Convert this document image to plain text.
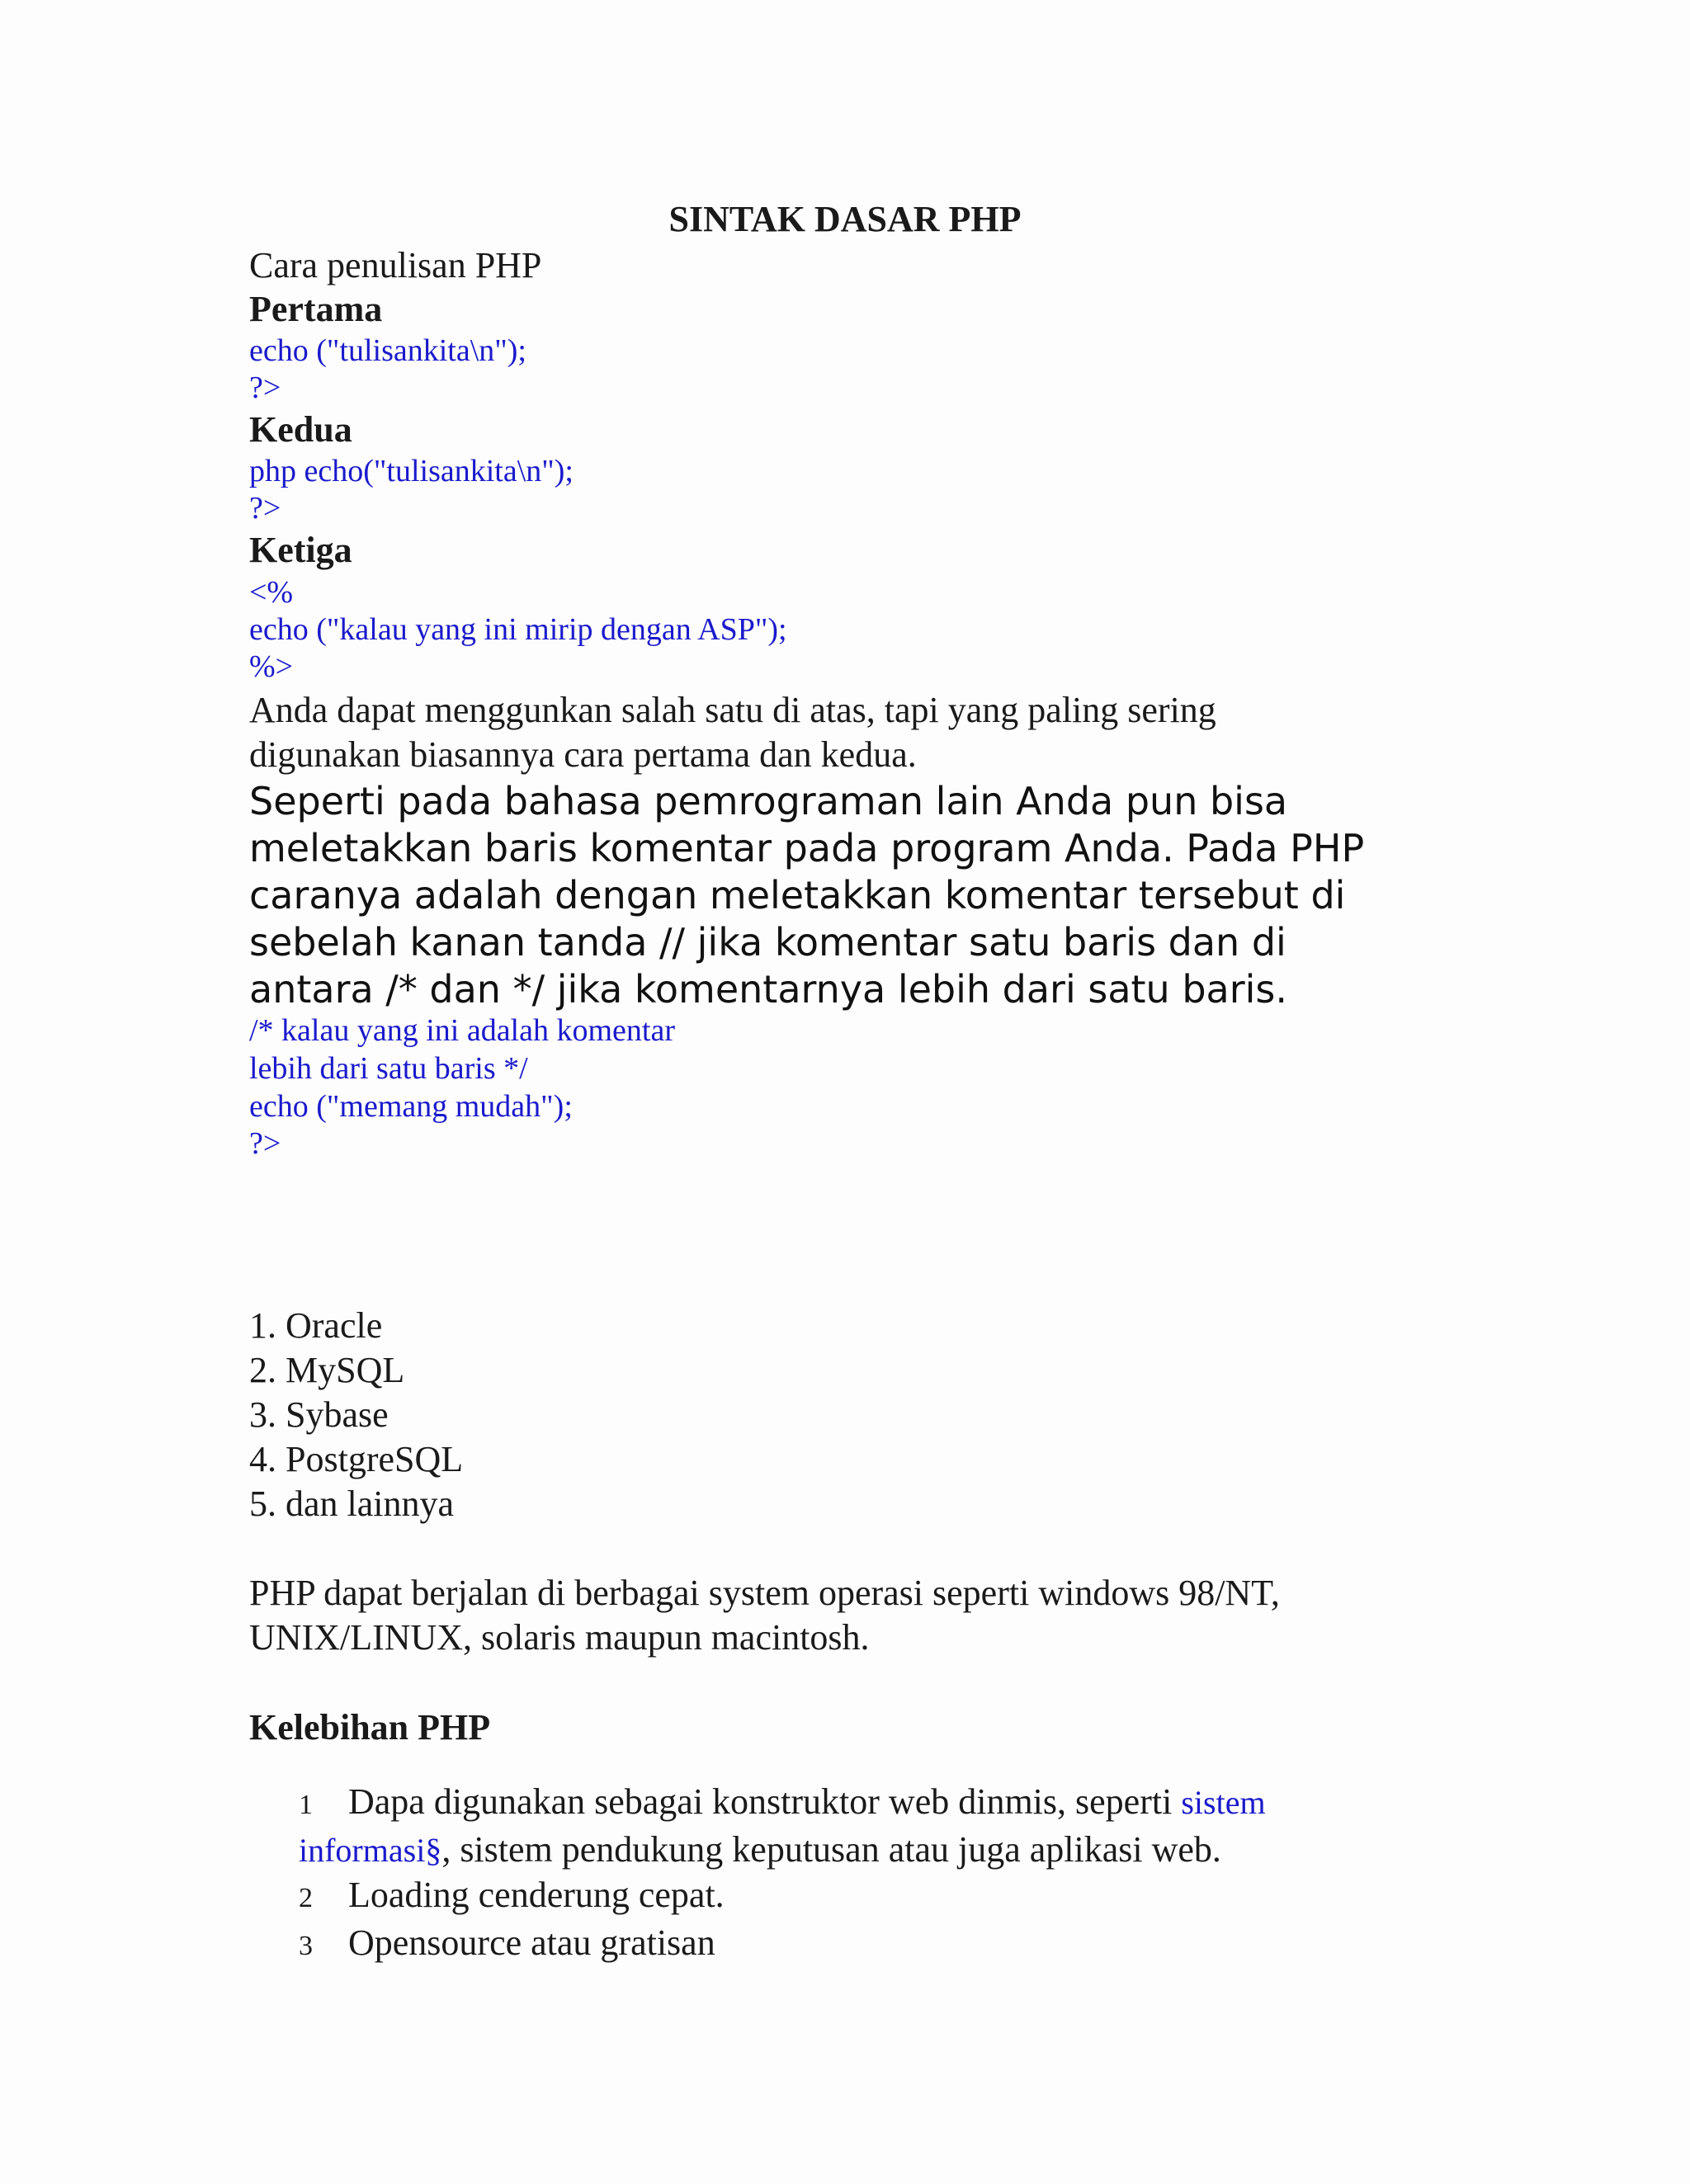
SINTAK DASAR PHP
Cara penulisan PHP
Pertama
echo ("tulisankita\n");
?>
Kedua
php echo("tulisankita\n");
?>
Ketiga
<%
echo ("kalau yang ini mirip dengan ASP");
%>
Anda dapat menggunkan salah satu di atas, tapi yang paling sering
digunakan biasannya cara pertama dan kedua.
Seperti pada bahasa pemrograman lain Anda pun bisa
meletakkan baris komentar pada program Anda. Pada PHP
caranya adalah dengan meletakkan komentar tersebut di
sebelah kanan tanda // jika komentar satu baris dan di
antara /* dan */ jika komentarnya lebih dari satu baris.
/* kalau yang ini adalah komentar
lebih dari satu baris */
echo ("memang mudah");
?>
1. Oracle
2. MySQL
3. Sybase
4. PostgreSQL
5. dan lainnya
PHP dapat berjalan di berbagai system operasi seperti windows 98/NT,
UNIX/LINUX, solaris maupun macintosh.
Kelebihan PHP
1 Dapa digunakan sebagai konstruktor web dinmis, seperti sistem
informasi§, sistem pendukung keputusan atau juga aplikasi web.
2 Loading cenderung cepat.
3 Opensource atau gratisan
